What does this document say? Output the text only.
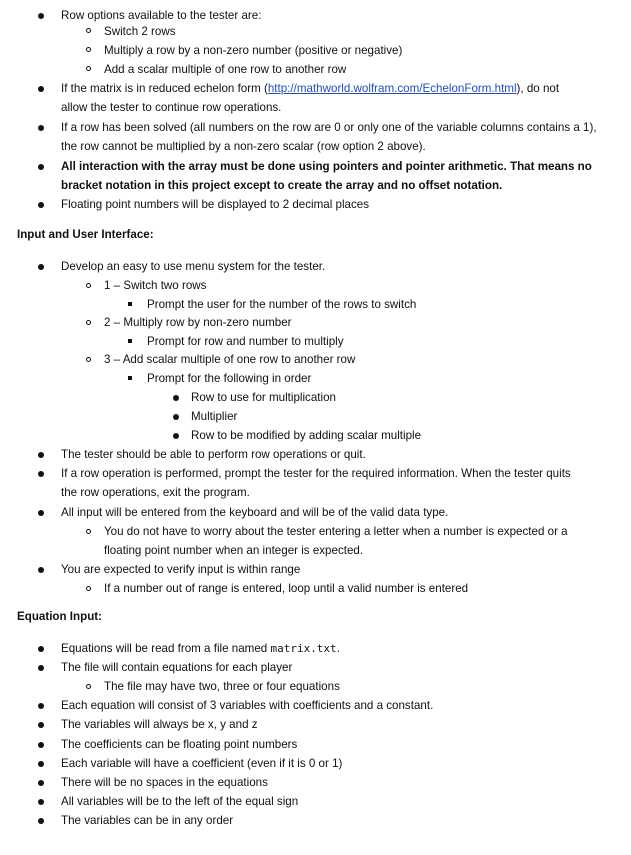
Row options available to the tester are:
Switch 2 rows
Multiply a row by a non-zero number (positive or negative)
Add a scalar multiple of one row to another row
If the matrix is in reduced echelon form (http://mathworld.wolfram.com/EchelonForm.html), do not
allow the tester to continue row operations.
If a row has been solved (all numbers on the row are 0 or only one of the variable columns contains a 1),
the row cannot be multiplied by a non-zero scalar (row option 2 above).
All interaction with the array must be done using pointers and pointer arithmetic. That means no
bracket notation in this project except to create the array and no offset notation.
Floating point numbers will be displayed to 2 decimal places
Input and User Interface:
Develop an easy to use menu system for the tester.
1 – Switch two rows
Prompt the user for the number of the rows to switch
2 – Multiply row by non-zero number
Prompt for row and number to multiply
3 – Add scalar multiple of one row to another row
Prompt for the following in order
Row to use for multiplication
Multiplier
Row to be modified by adding scalar multiple
The tester should be able to perform row operations or quit.
If a row operation is performed, prompt the tester for the required information. When the tester quits
the row operations, exit the program.
All input will be entered from the keyboard and will be of the valid data type.
You do not have to worry about the tester entering a letter when a number is expected or a
floating point number when an integer is expected.
You are expected to verify input is within range
If a number out of range is entered, loop until a valid number is entered
Equation Input:
Equations will be read from a file named matrix.txt.
The file will contain equations for each player
The file may have two, three or four equations
Each equation will consist of 3 variables with coefficients and a constant.
The variables will always be x, y and z
The coefficients can be floating point numbers
Each variable will have a coefficient (even if it is 0 or 1)
There will be no spaces in the equations
All variables will be to the left of the equal sign
The variables can be in any order
